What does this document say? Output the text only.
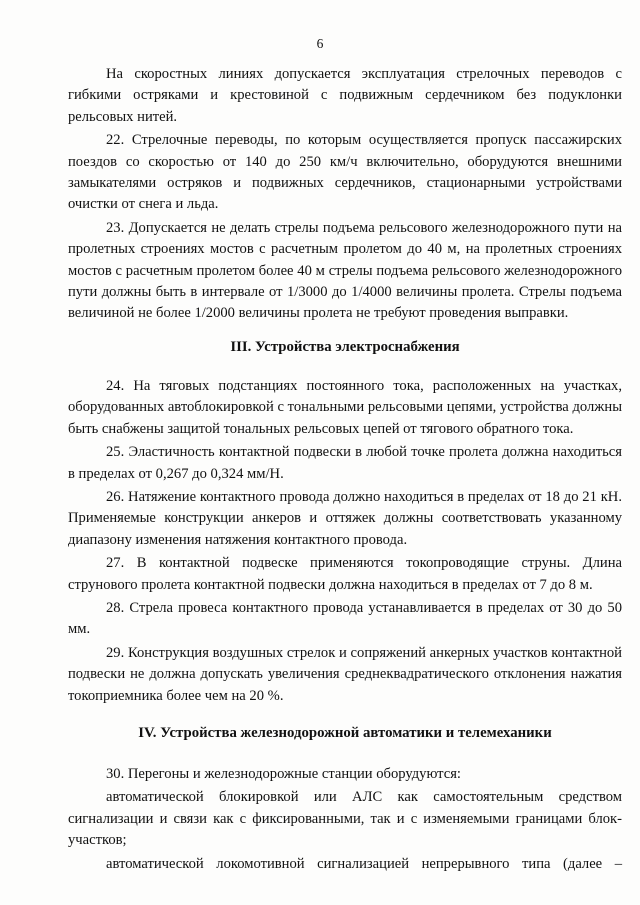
6

На скоростных линиях допускается эксплуатация стрелочных переводов с гибкими остряками и крестовиной с подвижным сердечником без подуклонки рельсовых нитей.

22. Стрелочные переводы, по которым осуществляется пропуск пассажирских поездов со скоростью от 140 до 250 км/ч включительно, оборудуются внешними замыкателями остряков и подвижных сердечников, стационарными устройствами очистки от снега и льда.

23. Допускается не делать стрелы подъема рельсового железнодорожного пути на пролетных строениях мостов с расчетным пролетом до 40 м, на пролетных строениях мостов с расчетным пролетом более 40 м стрелы подъема рельсового железнодорожного пути должны быть в интервале от 1/3000 до 1/4000 величины пролета. Стрелы подъема величиной не более 1/2000 величины пролета не требуют проведения выправки.

III. Устройства электроснабжения

24. На тяговых подстанциях постоянного тока, расположенных на участках, оборудованных автоблокировкой с тональными рельсовыми цепями, устройства должны быть снабжены защитой тональных рельсовых цепей от тягового обратного тока.

25. Эластичность контактной подвески в любой точке пролета должна находиться в пределах от 0,267 до 0,324 мм/Н.

26. Натяжение контактного провода должно находиться в пределах от 18 до 21 кН. Применяемые конструкции анкеров и оттяжек должны соответствовать указанному диапазону изменения натяжения контактного провода.

27. В контактной подвеске применяются токопроводящие струны. Длина струнового пролета контактной подвески должна находиться в пределах от 7 до 8 м.

28. Стрела провеса контактного провода устанавливается в пределах от 30 до 50 мм.

29. Конструкция воздушных стрелок и сопряжений анкерных участков контактной подвески не должна допускать увеличения среднеквадратического отклонения нажатия токоприемника более чем на 20 %.

IV. Устройства железнодорожной автоматики и телемеханики

30. Перегоны и железнодорожные станции оборудуются:

автоматической блокировкой или АЛС как самостоятельным средством сигнализации и связи как с фиксированными, так и с изменяемыми границами блок-участков;

автоматической локомотивной сигнализацией непрерывного типа (далее –
